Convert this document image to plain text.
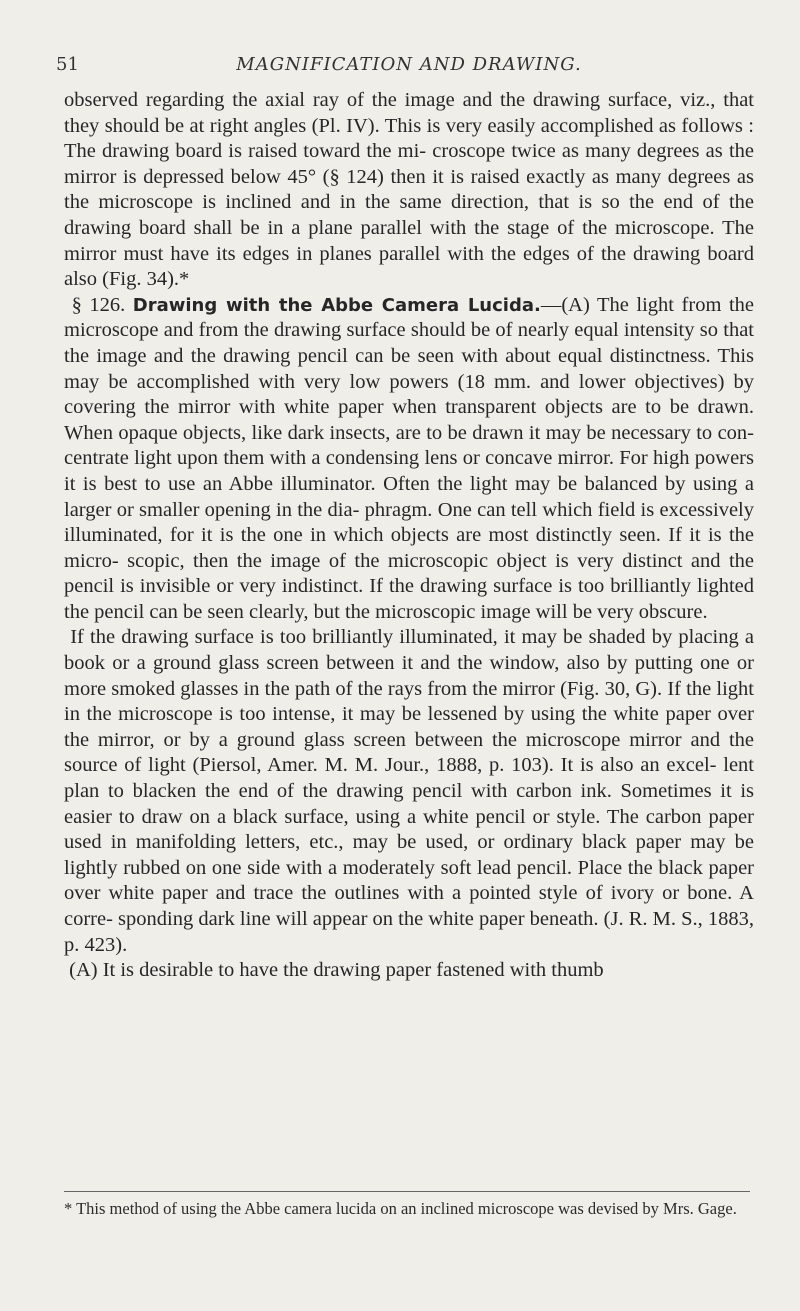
51	MAGNIFICATION AND DRAWING.

observed regarding the axial ray of the image and the drawing surface, viz., that they should be at right angles (Pl. IV). This is very easily accomplished as follows : The drawing board is raised toward the mi- croscope twice as many degrees as the mirror is depressed below 45° (§ 124) then it is raised exactly as many degrees as the microscope is inclined and in the same direction, that is so the end of the drawing board shall be in a plane parallel with the stage of the microscope. The mirror must have its edges in planes parallel with the edges of the drawing board also (Fig. 34).*

§ 126. Drawing with the Abbe Camera Lucida.—(A) The light from the microscope and from the drawing surface should be of nearly equal intensity so that the image and the drawing pencil can be seen with about equal distinctness. This may be accomplished with very low powers (18 mm. and lower objectives) by covering the mirror with white paper when transparent objects are to be drawn. When opaque objects, like dark insects, are to be drawn it may be necessary to con- centrate light upon them with a condensing lens or concave mirror. For high powers it is best to use an Abbe illuminator. Often the light may be balanced by using a larger or smaller opening in the dia- phragm. One can tell which field is excessively illuminated, for it is the one in which objects are most distinctly seen. If it is the micro- scopic, then the image of the microscopic object is very distinct and the pencil is invisible or very indistinct. If the drawing surface is too brilliantly lighted the pencil can be seen clearly, but the microscopic image will be very obscure.

If the drawing surface is too brilliantly illuminated, it may be shaded by placing a book or a ground glass screen between it and the window, also by putting one or more smoked glasses in the path of the rays from the mirror (Fig. 30, G). If the light in the microscope is too intense, it may be lessened by using the white paper over the mirror, or by a ground glass screen between the microscope mirror and the source of light (Piersol, Amer. M. M. Jour., 1888, p. 103). It is also an excel- lent plan to blacken the end of the drawing pencil with carbon ink. Sometimes it is easier to draw on a black surface, using a white pencil or style. The carbon paper used in manifolding letters, etc., may be used, or ordinary black paper may be lightly rubbed on one side with a moderately soft lead pencil. Place the black paper over white paper and trace the outlines with a pointed style of ivory or bone. A corre- sponding dark line will appear on the white paper beneath. (J. R. M. S., 1883, p. 423).

(A) It is desirable to have the drawing paper fastened with thumb

* This method of using the Abbe camera lucida on an inclined microscope was devised by Mrs. Gage.
